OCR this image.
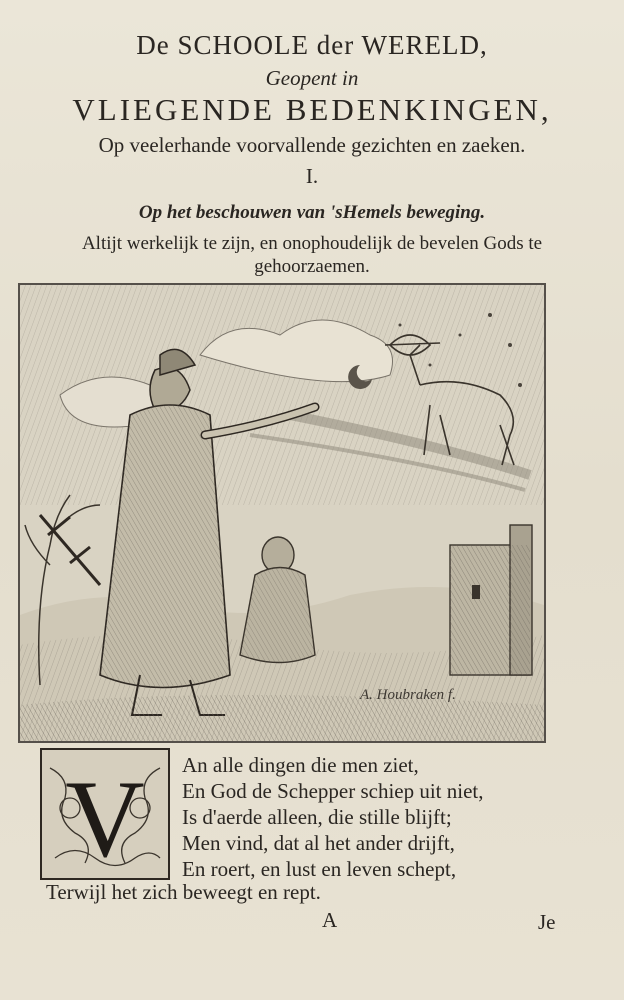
De SCHOOLE der WERELD,
Geopent in
VLIEGENDE BEDENKINGEN,
Op veelerhande voorvallende gezichten en zaeken.
I.
Op het beschouwen van 'sHemels beweging.
Altijt werkelijk te zijn, en onophoudelijk de bevelen Gods te gehoorzaemen.
A. Houbraken f.
V An alle dingen die men ziet,
En God de Schepper schiep uit niet,
Is d'aerde alleen, die stille blijft;
Men vind, dat al het ander drijft,
En roert, en lust en leven schept,
Terwijl het zich beweegt en rept.
A	Je
